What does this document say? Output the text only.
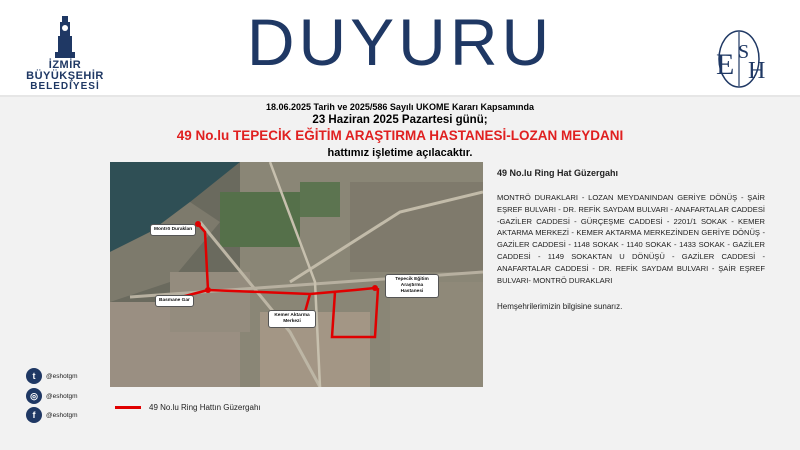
İZMİR
BÜYÜKŞEHİR
BELEDİYESİ
DUYURU	E S
H
18.06.2025 Tarih ve 2025/586 Sayılı UKOME Kararı Kapsamında
23 Haziran 2025 Pazartesi günü;
49 No.lu TEPECİK EĞİTİM ARAŞTIRMA HASTANESİ-LOZAN MEYDANI
hattımız işletime açılacaktır.
Montrö Durakları
Basmane Gar
Kemer Aktarma Merkezi
Tepecik Eğitim Araştırma Hastanesi
49 No.lu Ring Hat Güzergahı
MONTRÖ DURAKLARI - LOZAN MEYDANINDAN GERİYE DÖNÜŞ - ŞAİR EŞREF BULVARI - DR. REFİK SAYDAM BULVARI - ANAFARTALAR CADDESİ -GAZİLER CADDESİ - GÜRÇEŞME CADDESİ - 2201/1 SOKAK - KEMER AKTARMA MERKEZİ - KEMER AKTARMA MERKEZİNDEN GERİYE DÖNÜŞ - GAZİLER CADDESİ - 1148 SOKAK - 1140 SOKAK - 1433 SOKAK - GAZİLER CADDESİ - 1149 SOKAKTAN U DÖNÜŞÜ - GAZİLER CADDESİ - ANAFARTALAR CADDESİ - DR. REFİK SAYDAM BULVARI - ŞAİR EŞREF BULVARI- MONTRÖ DURAKLARI
Hemşehrilerimizin bilgisine sunarız.
t	@eshotgm
◎	@eshotgm
f	@eshotgm
49 No.lu Ring Hattın Güzergahı
